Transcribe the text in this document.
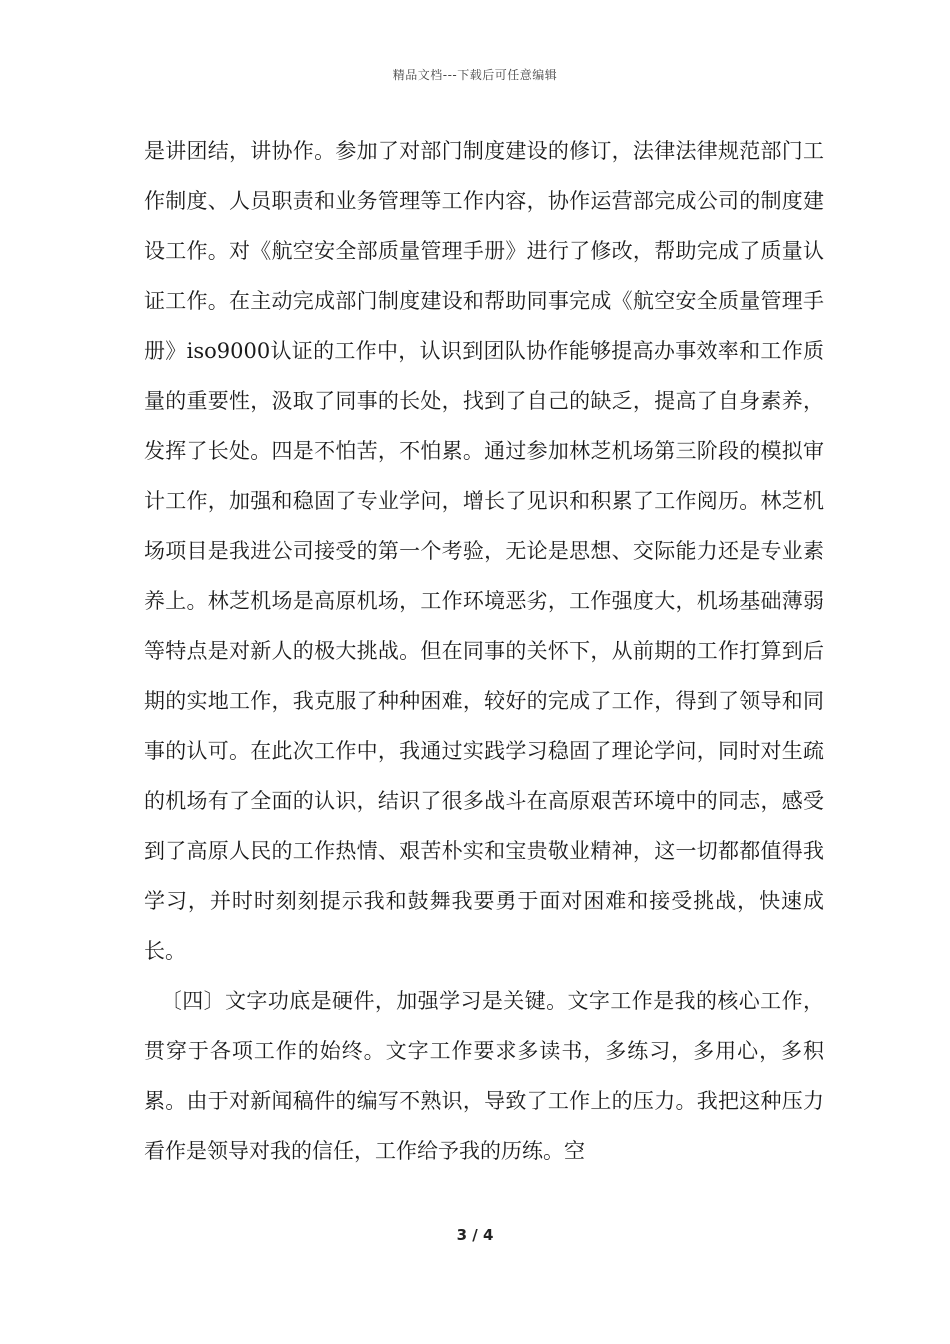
精品文档---下载后可任意编辑

是讲团结，讲协作。参加了对部门制度建设的修订，法律法律规范部门工作制度、人员职责和业务管理等工作内容，协作运营部完成公司的制度建设工作。对《航空安全部质量管理手册》进行了修改，帮助完成了质量认证工作。在主动完成部门制度建设和帮助同事完成《航空安全质量管理手册》iso9000认证的工作中，认识到团队协作能够提高办事效率和工作质量的重要性，汲取了同事的长处，找到了自己的缺乏，提高了自身素养，发挥了长处。四是不怕苦，不怕累。通过参加林芝机场第三阶段的模拟审计工作，加强和稳固了专业学问，增长了见识和积累了工作阅历。林芝机场项目是我进公司接受的第一个考验，无论是思想、交际能力还是专业素养上。林芝机场是高原机场，工作环境恶劣，工作强度大，机场基础薄弱等特点是对新人的极大挑战。但在同事的关怀下，从前期的工作打算到后期的实地工作，我克服了种种困难，较好的完成了工作，得到了领导和同事的认可。在此次工作中，我通过实践学习稳固了理论学问，同时对生疏的机场有了全面的认识，结识了很多战斗在高原艰苦环境中的同志，感受到了高原人民的工作热情、艰苦朴实和宝贵敬业精神，这一切都都值得我学习，并时时刻刻提示我和鼓舞我要勇于面对困难和接受挑战，快速成长。

〔四〕文字功底是硬件，加强学习是关键。文字工作是我的核心工作，贯穿于各项工作的始终。文字工作要求多读书，多练习，多用心，多积累。由于对新闻稿件的编写不熟识，导致了工作上的压力。我把这种压力看作是领导对我的信任，工作给予我的历练。空

3 / 4
